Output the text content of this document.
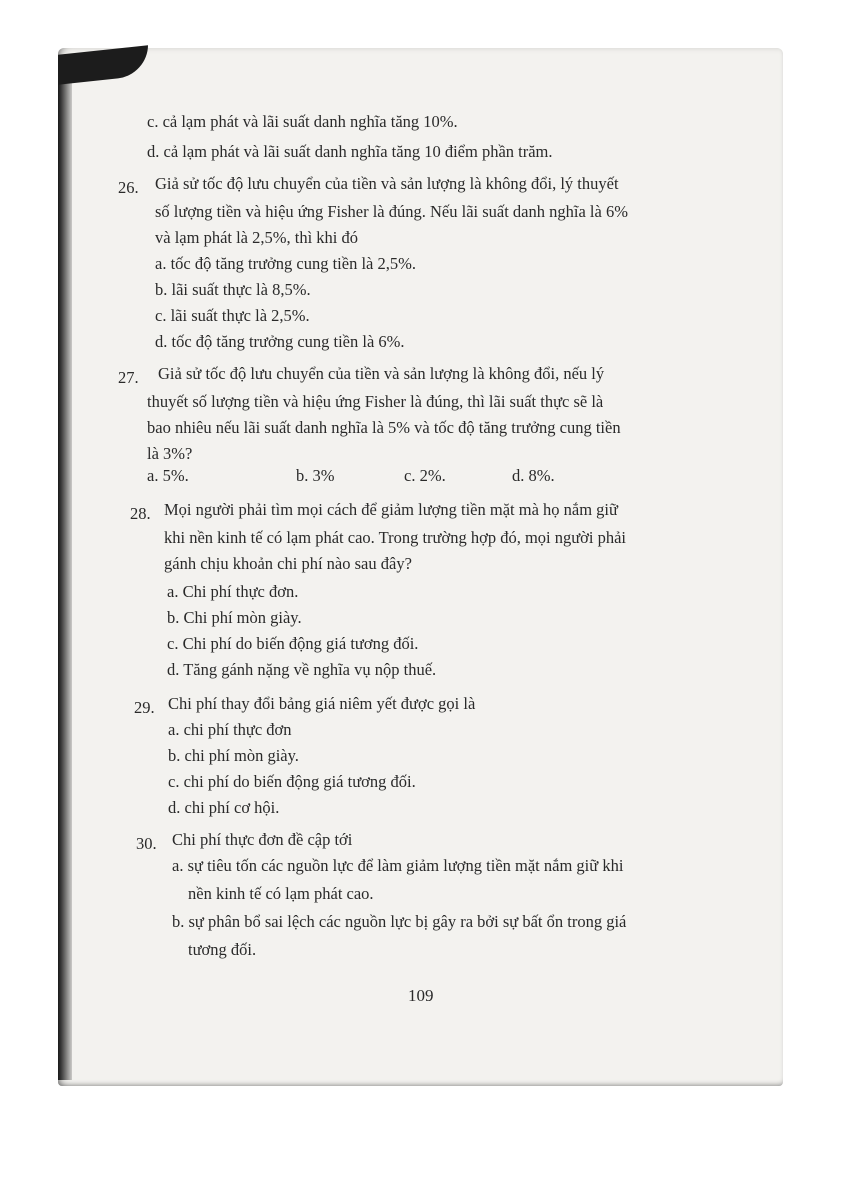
c. cả lạm phát và lãi suất danh nghĩa tăng 10%.
d. cả lạm phát và lãi suất danh nghĩa tăng 10 điểm phần trăm.
26. Giả sử tốc độ lưu chuyển của tiền và sản lượng là không đổi, lý thuyết
số lượng tiền và hiệu ứng Fisher là đúng. Nếu lãi suất danh nghĩa là 6%
và lạm phát là 2,5%, thì khi đó
a. tốc độ tăng trưởng cung tiền là 2,5%.
b. lãi suất thực là 8,5%.
c. lãi suất thực là 2,5%.
d. tốc độ tăng trưởng cung tiền là 6%.
27. Giả sử tốc độ lưu chuyển của tiền và sản lượng là không đổi, nếu lý
thuyết số lượng tiền và hiệu ứng Fisher là đúng, thì lãi suất thực sẽ là
bao nhiêu nếu lãi suất danh nghĩa là 5% và tốc độ tăng trưởng cung tiền
là 3%?
a. 5%.	b. 3%	c. 2%.	d. 8%.
28. Mọi người phải tìm mọi cách để giảm lượng tiền mặt mà họ nắm giữ
khi nền kinh tế có lạm phát cao. Trong trường hợp đó, mọi người phải
gánh chịu khoản chi phí nào sau đây?
a. Chi phí thực đơn.
b. Chi phí mòn giày.
c. Chi phí do biến động giá tương đối.
d. Tăng gánh nặng về nghĩa vụ nộp thuế.
29. Chi phí thay đổi bảng giá niêm yết được gọi là
a. chi phí thực đơn
b. chi phí mòn giày.
c. chi phí do biến động giá tương đối.
d. chi phí cơ hội.
30. Chi phí thực đơn đề cập tới
a. sự tiêu tốn các nguồn lực để làm giảm lượng tiền mặt nắm giữ khi
nền kinh tế có lạm phát cao.
b. sự phân bổ sai lệch các nguồn lực bị gây ra bởi sự bất ổn trong giá
tương đối.
109
